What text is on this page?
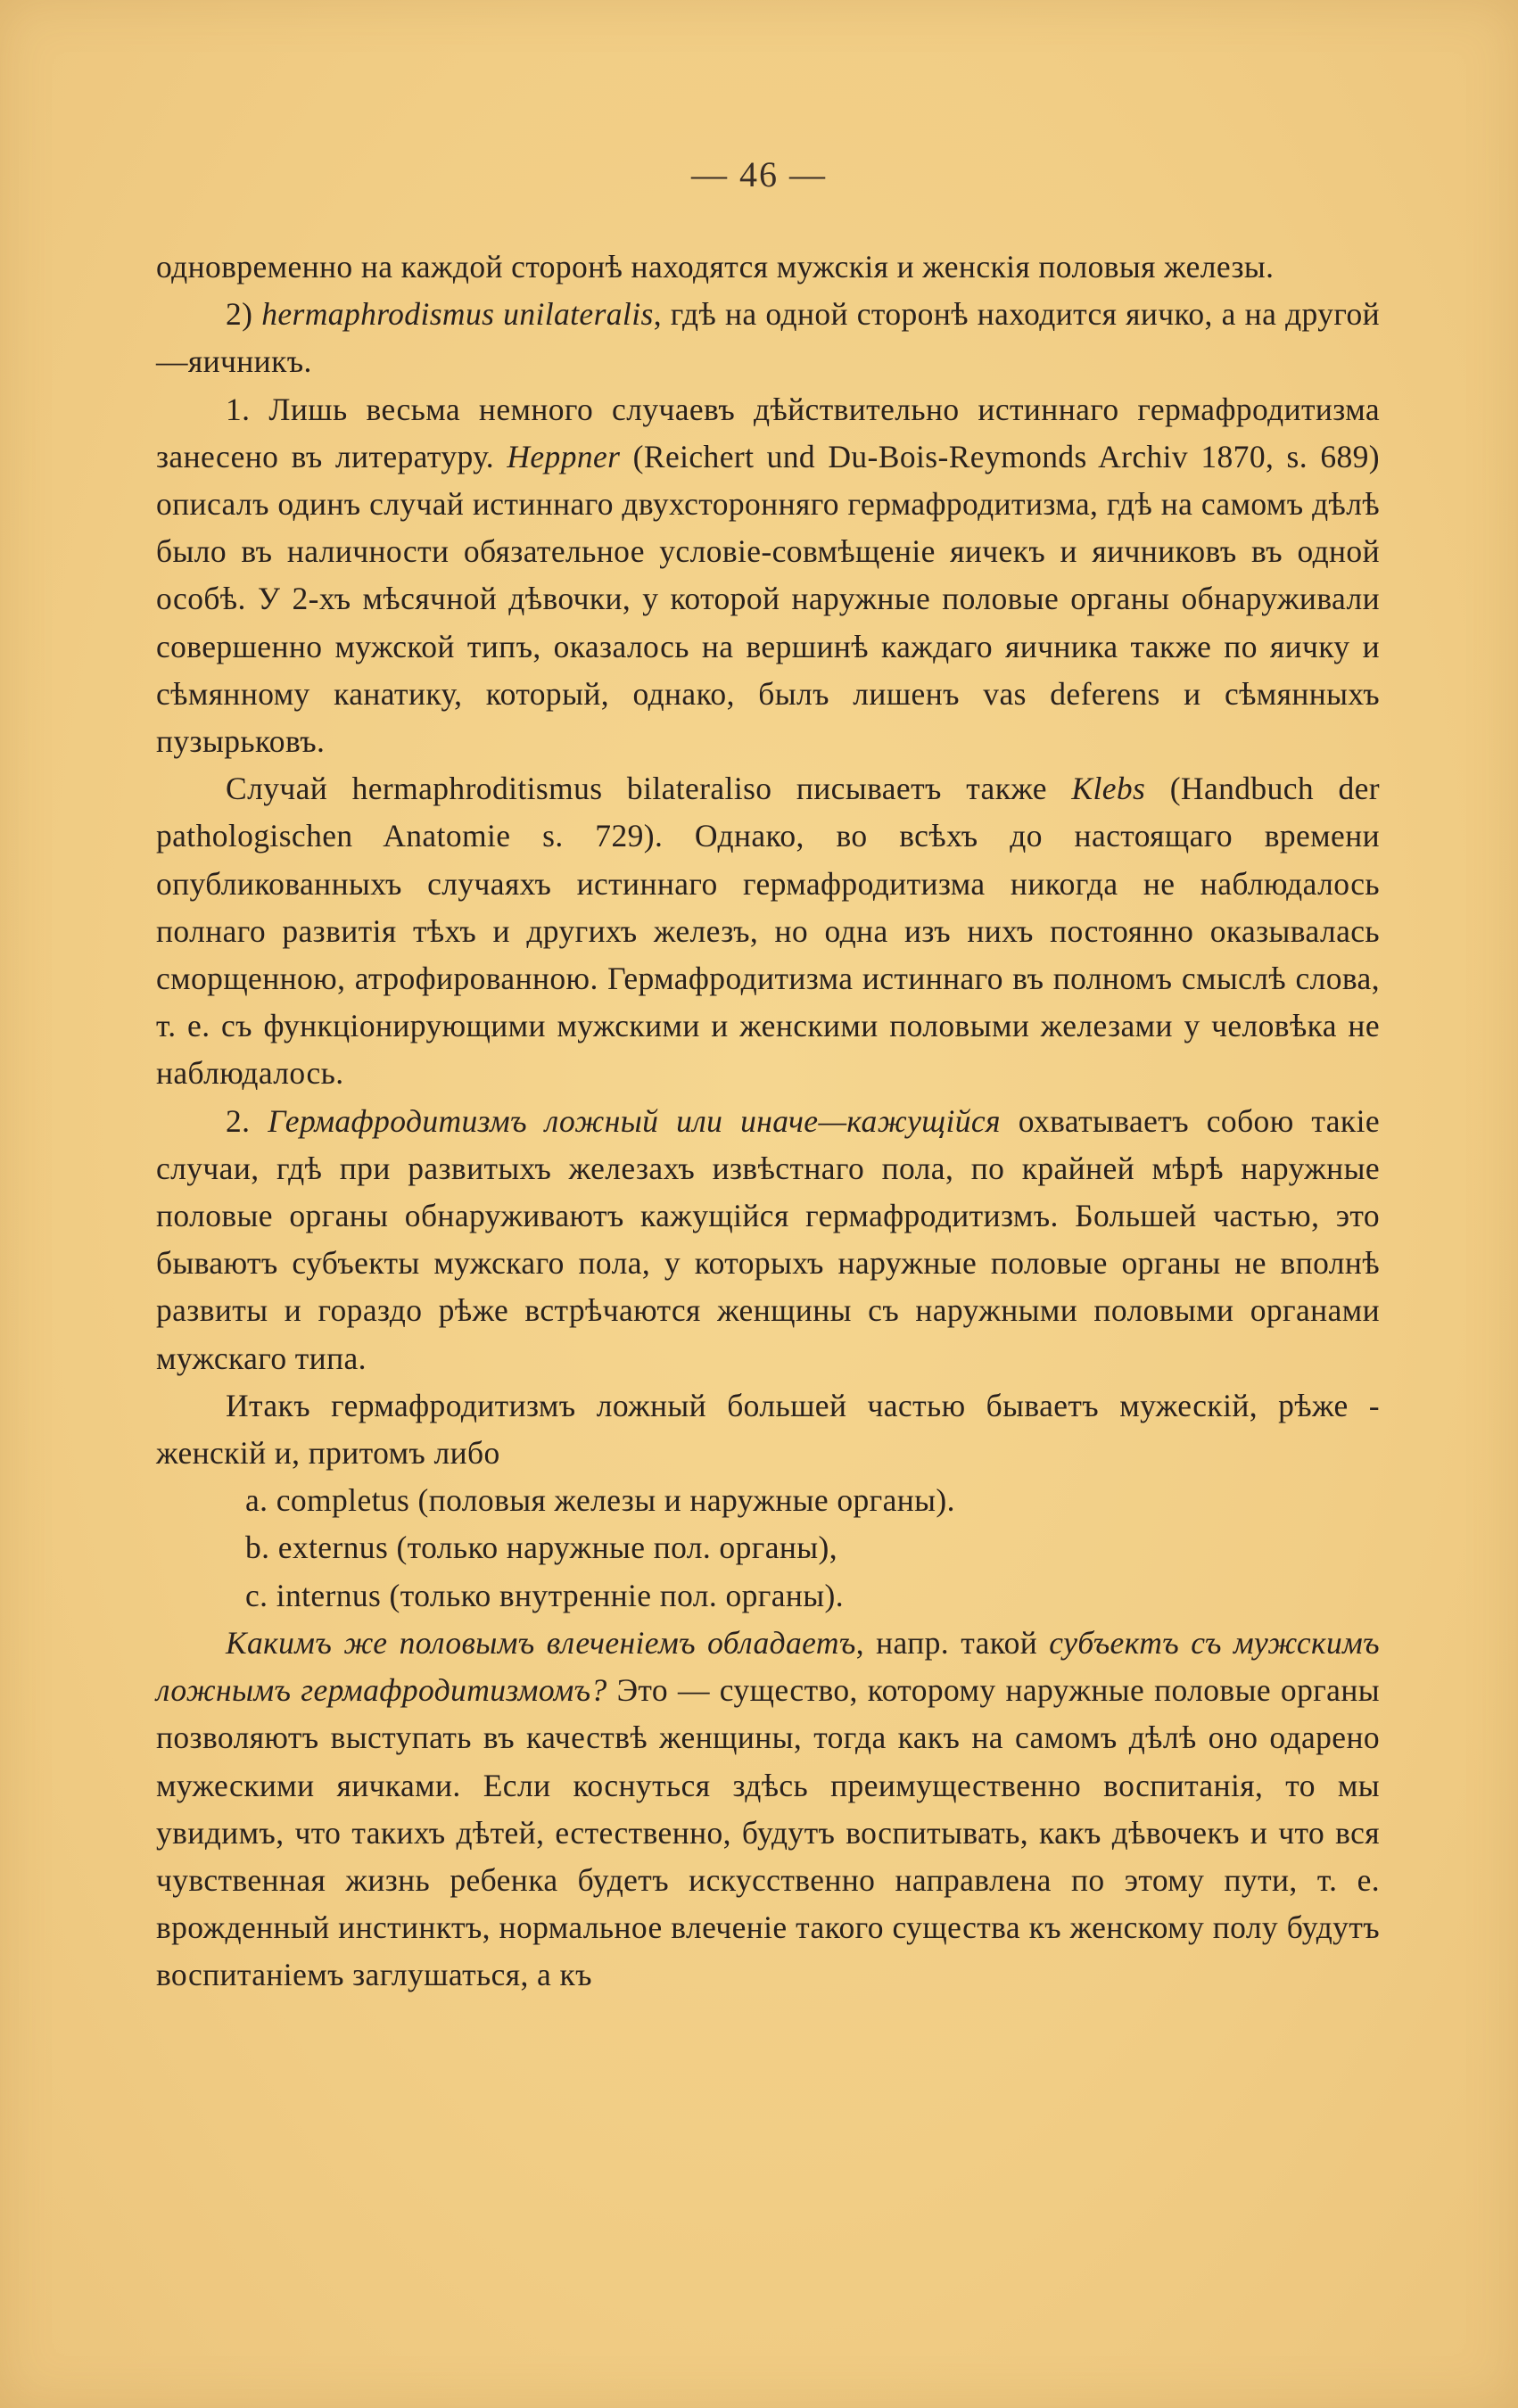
— 46 —

одновременно на каждой сторонѣ находятся мужскія и женскія половыя железы.

2) hermaphrodismus unilateralis, гдѣ на одной сторонѣ находится яичко, а на другой—яичникъ.

1. Лишь весьма немного случаевъ дѣйствительно истиннаго гермафродитизма занесено въ литературу. Heppner (Reichert und Du-Bois-Reymonds Archiv 1870, s. 689) описалъ одинъ случай истиннаго двухсторонняго гермафродитизма, гдѣ на самомъ дѣлѣ было въ наличности обязательное условіе-совмѣщеніе яичекъ и яичниковъ въ одной особѣ. У 2-хъ мѣсячной дѣвочки, у которой наружные половые органы обнаруживали совершенно мужской типъ, оказалось на вершинѣ каждаго яичника также по яичку и сѣмянному канатику, который, однако, былъ лишенъ vas deferens и сѣмянныхъ пузырьковъ.

Случай hermaphroditismus bilateraliso писываетъ также Klebs (Handbuch der pathologischen Anatomie s. 729). Однако, во всѣхъ до настоящаго времени опубликованныхъ случаяхъ истиннаго гермафродитизма никогда не наблюдалось полнаго развитія тѣхъ и другихъ железъ, но одна изъ нихъ постоянно оказывалась сморщенною, атрофированною. Гермафродитизма истиннаго въ полномъ смыслѣ слова, т. е. съ функціонирующими мужскими и женскими половыми железами у человѣка не наблюдалось.

2. Гермафродитизмъ ложный или иначе—кажущійся охватываетъ собою такіе случаи, гдѣ при развитыхъ железахъ извѣстнаго пола, по крайней мѣрѣ наружные половые органы обнаруживаютъ кажущійся гермафродитизмъ. Большей частью, это бываютъ субъекты мужскаго пола, у которыхъ наружные половые органы не вполнѣ развиты и гораздо рѣже встрѣчаются женщины съ наружными половыми органами мужскаго типа.

Итакъ гермафродитизмъ ложный большей частью бываетъ мужескій, рѣже - женскій и, притомъ либо

a. completus (половыя железы и наружные органы).

b. externus (только наружные пол. органы),

c. internus (только внутренніе пол. органы).

Какимъ же половымъ влеченіемъ обладаетъ, напр. такой субъектъ съ мужскимъ ложнымъ гермафродитизмомъ? Это — существо, которому наружные половые органы позволяютъ выступать въ качествѣ женщины, тогда какъ на самомъ дѣлѣ оно одарено мужескими яичками. Если коснуться здѣсь преимущественно воспитанія, то мы увидимъ, что такихъ дѣтей, естественно, будутъ воспитывать, какъ дѣвочекъ и что вся чувственная жизнь ребенка будетъ искусственно направлена по этому пути, т. е. врожденный инстинктъ, нормальное влеченіе такого существа къ женскому полу будутъ воспитаніемъ заглушаться, а къ
